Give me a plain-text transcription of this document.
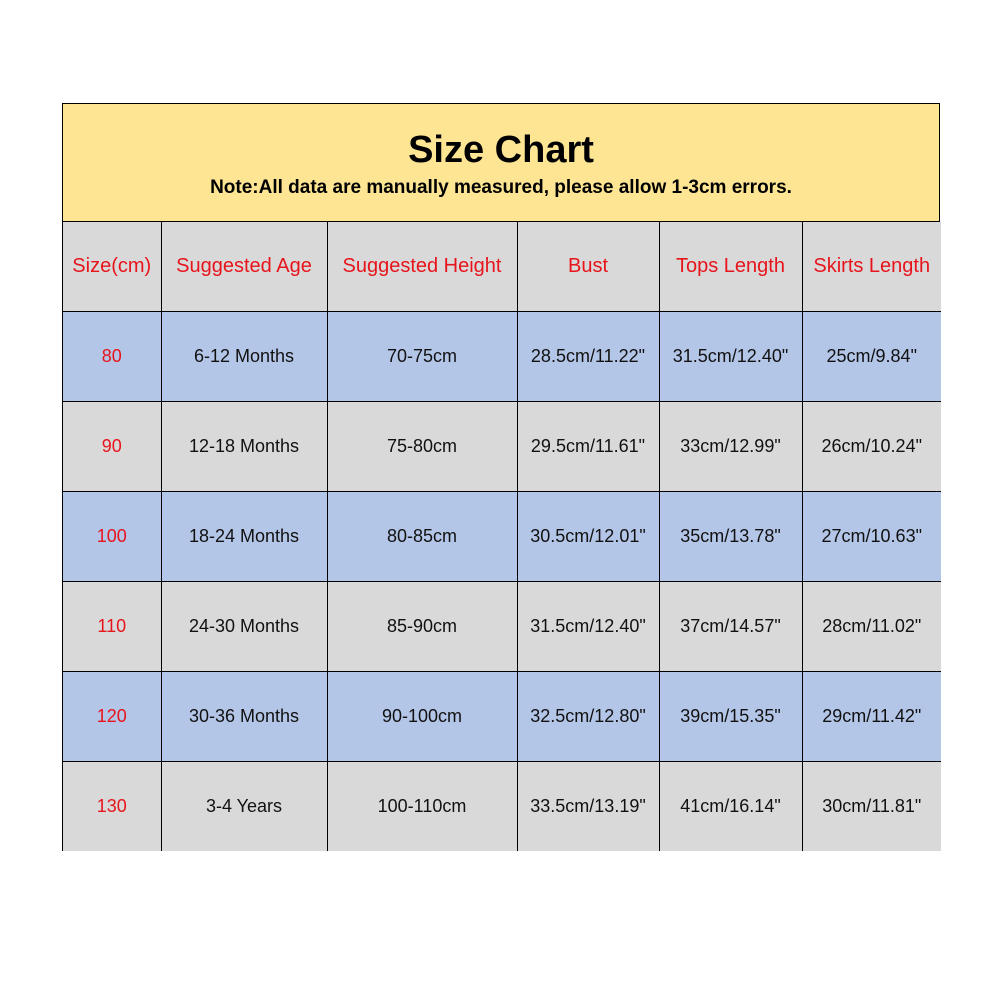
Size Chart
Note:All data are manually measured, please allow 1-3cm errors.
Size(cm)	Suggested Age	Suggested Height	Bust	Tops Length	Skirts Length
80	6-12 Months	70-75cm	28.5cm/11.22"	31.5cm/12.40"	25cm/9.84"
90	12-18 Months	75-80cm	29.5cm/11.61"	33cm/12.99"	26cm/10.24"
100	18-24 Months	80-85cm	30.5cm/12.01"	35cm/13.78"	27cm/10.63"
110	24-30 Months	85-90cm	31.5cm/12.40"	37cm/14.57"	28cm/11.02"
120	30-36 Months	90-100cm	32.5cm/12.80"	39cm/15.35"	29cm/11.42"
130	3-4 Years	100-110cm	33.5cm/13.19"	41cm/16.14"	30cm/11.81"
